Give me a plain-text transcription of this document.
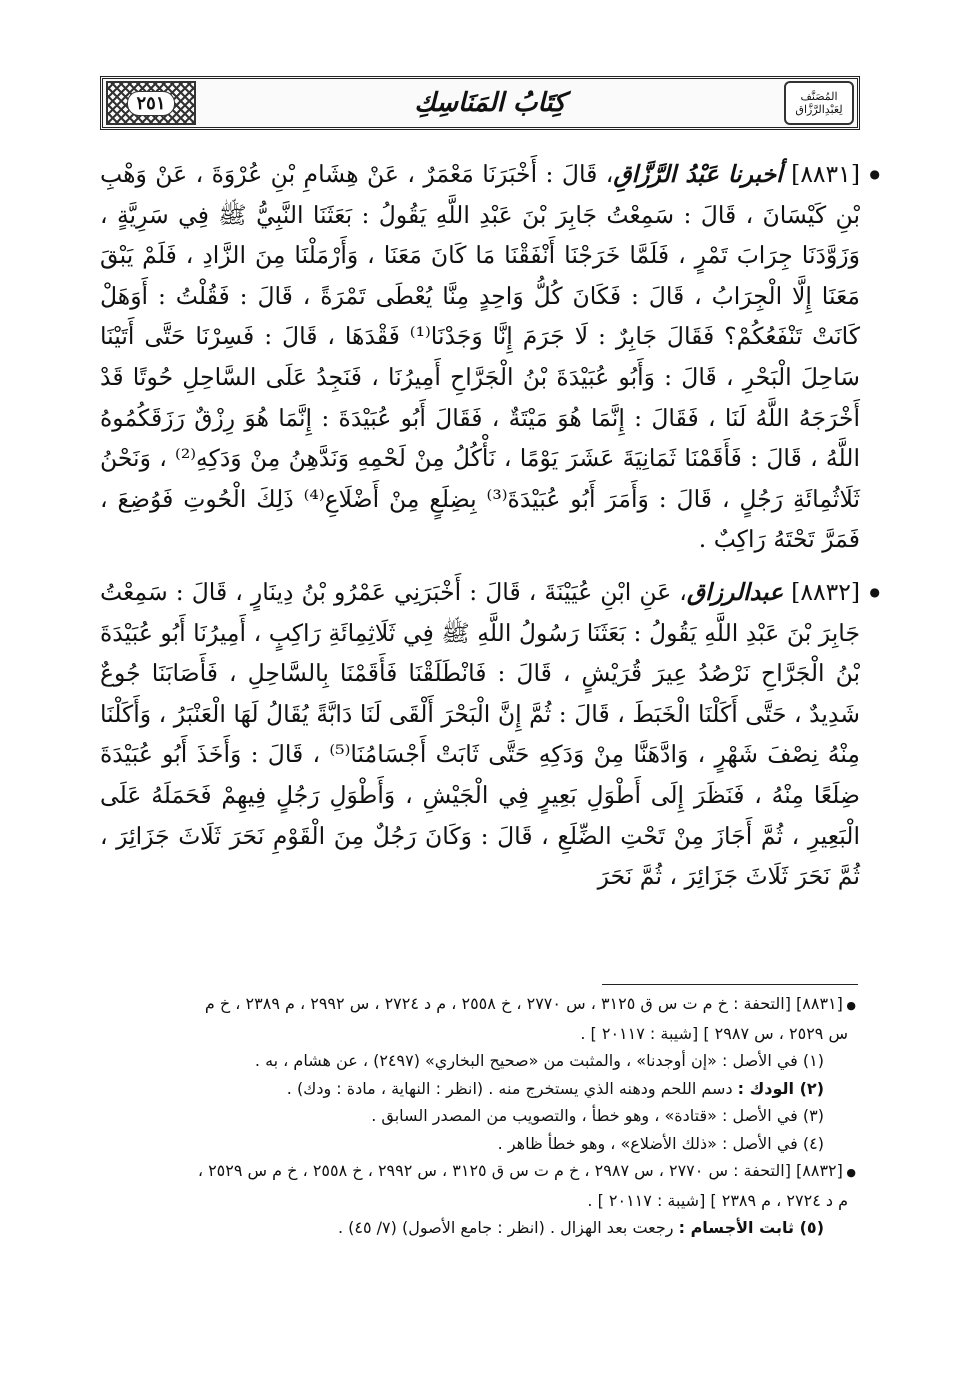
٢٥١	كِتَابُ المَنَاسِكِ	المُصَنَّف
لِعَبْدِالرَّزَّاق

● [٨٨٣١] أخبرنا عَبْدُ الرَّزَّاقِ، قَالَ : أَخْبَرَنَا مَعْمَرٌ ، عَنْ هِشَامِ بْنِ عُرْوَةَ ، عَنْ وَهْبِ بْنِ كَيْسَانَ ، قَالَ : سَمِعْتُ جَابِرَ بْنَ عَبْدِ اللَّهِ يَقُولُ : بَعَثَنَا النَّبِيُّ ﷺ فِي سَرِيَّةٍ ، وَزَوَّدَنَا جِرَابَ تَمْرٍ ، فَلَمَّا خَرَجْنَا أَنْفَقْنَا مَا كَانَ مَعَنَا ، وَأَرْمَلْنَا مِنَ الزَّادِ ، فَلَمْ يَبْقَ مَعَنَا إِلَّا الْجِرَابُ ، قَالَ : فَكَانَ كُلُّ وَاحِدٍ مِنَّا يُعْطَى تَمْرَةً ، قَالَ : فَقُلْتُ : أَوَهَلْ كَانَتْ تَنْفَعُكُمْ؟ فَقَالَ جَابِرٌ : لَا جَرَمَ إِنَّا وَجَدْنَا⁽¹⁾ فَقْدَهَا ، قَالَ : فَسِرْنَا حَتَّى أَتَيْنَا سَاحِلَ الْبَحْرِ ، قَالَ : وَأَبُو عُبَيْدَةَ بْنُ الْجَرَّاحِ أَمِيرُنَا ، فَنَجِدُ عَلَى السَّاحِلِ حُوتًا قَدْ أَخْرَجَهُ اللَّهُ لَنَا ، فَقَالَ : إِنَّمَا هُوَ مَيْتَةٌ ، فَقَالَ أَبُو عُبَيْدَةَ : إِنَّمَا هُوَ رِزْقٌ رَزَقَكُمُوهُ اللَّهُ ، قَالَ : فَأَقَمْنَا ثَمَانِيَةَ عَشَرَ يَوْمًا ، نَأْكُلُ مِنْ لَحْمِهِ وَنَدَّهِنُ مِنْ وَدَكِهِ⁽²⁾ ، وَنَحْنُ ثَلَاثُمِائَةِ رَجُلٍ ، قَالَ : وَأَمَرَ أَبُو عُبَيْدَةَ⁽³⁾ بِضِلَعٍ مِنْ أَضْلَاعِ⁽⁴⁾ ذَلِكَ الْحُوتِ فَوُضِعَ ، فَمَرَّ تَحْتَهُ رَاكِبٌ .

● [٨٨٣٢] عبدالرزاق، عَنِ ابْنِ عُيَيْنَةَ ، قَالَ : أَخْبَرَنِي عَمْرُو بْنُ دِينَارٍ ، قَالَ : سَمِعْتُ جَابِرَ بْنَ عَبْدِ اللَّهِ يَقُولُ : بَعَثَنَا رَسُولُ اللَّهِ ﷺ فِي ثَلَاثِمِائَةِ رَاكِبٍ ، أَمِيرُنَا أَبُو عُبَيْدَةَ بْنُ الْجَرَّاحِ نَرْصُدُ عِيرَ قُرَيْشٍ ، قَالَ : فَانْطَلَقْنَا فَأَقَمْنَا بِالسَّاحِلِ ، فَأَصَابَنَا جُوعٌ شَدِيدٌ ، حَتَّى أَكَلْنَا الْخَبَطَ ، قَالَ : ثُمَّ إِنَّ الْبَحْرَ أَلْقَى لَنَا دَابَّةً يُقَالُ لَهَا الْعَنْبَرُ ، وَأَكَلْنَا مِنْهُ نِصْفَ شَهْرٍ ، وَادَّهَنَّا مِنْ وَدَكِهِ حَتَّى ثَابَتْ أَجْسَامُنَا⁽⁵⁾ ، قَالَ : وَأَخَذَ أَبُو عُبَيْدَةَ ضِلَعًا مِنْهُ ، فَنَظَرَ إِلَى أَطْوَلِ بَعِيرٍ فِي الْجَيْشِ ، وَأَطْوَلِ رَجُلٍ فِيهِمْ فَحَمَلَهُ عَلَى الْبَعِيرِ ، ثُمَّ أَجَازَ مِنْ تَحْتِ الضِّلَعِ ، قَالَ : وَكَانَ رَجُلٌ مِنَ الْقَوْمِ نَحَرَ ثَلَاثَ جَزَائِرَ ، ثُمَّ نَحَرَ ثَلَاثَ جَزَائِرَ ، ثُمَّ نَحَرَ

● [٨٨٣١] [التحفة : خ م ت س ق ٣١٢٥ ، س ٢٧٧٠ ، خ ٢٥٥٨ ، م د ٢٧٢٤ ، س ٢٩٩٢ ، م ٢٣٨٩ ، خ م

س ٢٥٢٩ ، س ٢٩٨٧ ] [شيبة : ٢٠١١٧ ] .

(١) في الأصل : «إن أوجدنا» ، والمثبت من «صحيح البخاري» (٢٤٩٧) ، عن هشام ، به .

(٢) الودك : دسم اللحم ودهنه الذي يستخرج منه . (انظر : النهاية ، مادة : ودك) .

(٣) في الأصل : «قتادة» ، وهو خطأ ، والتصويب من المصدر السابق .

(٤) في الأصل : «ذلك الأضلاع» ، وهو خطأ ظاهر .

● [٨٨٣٢] [التحفة : س ٢٧٧٠ ، س ٢٩٨٧ ، خ م ت س ق ٣١٢٥ ، س ٢٩٩٢ ، خ ٢٥٥٨ ، خ م س ٢٥٢٩ ،

م د ٢٧٢٤ ، م ٢٣٨٩ ] [شيبة : ٢٠١١٧ ] .

(٥) ثابت الأجسام : رجعت بعد الهزال . (انظر : جامع الأصول) (٧/ ٤٥) .
